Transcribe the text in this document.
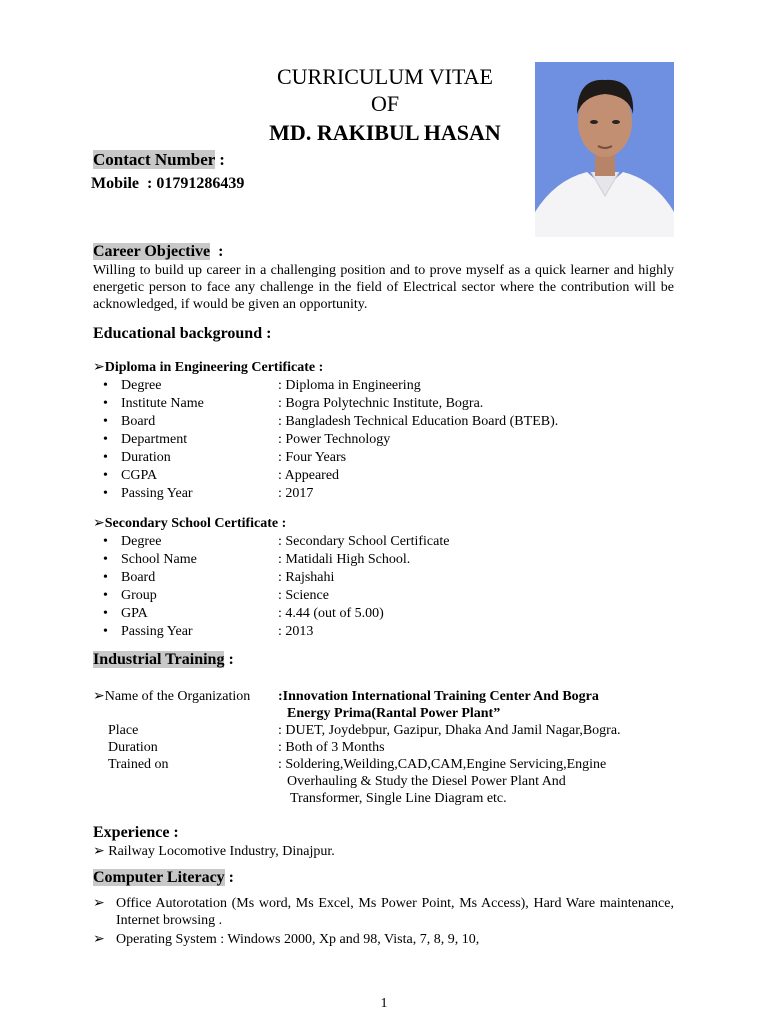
CURRICULUM VITAE
OF
MD. RAKIBUL HASAN
Contact Number :
Mobile  : 01791286439
Career Objective  :
Willing to build up career in a challenging position and to prove myself as a quick learner and highly energetic person to face any challenge in the field of Electrical sector where the contribution will be acknowledged, if would be given an opportunity.
Educational background :
➢Diploma in Engineering Certificate :
• Degree	: Diploma in Engineering
• Institute Name	: Bogra Polytechnic Institute, Bogra.
• Board	: Bangladesh Technical Education Board (BTEB).
• Department	: Power Technology
• Duration	: Four Years
• CGPA	: Appeared
• Passing Year	: 2017
➢Secondary School Certificate :
• Degree	: Secondary School Certificate
• School Name	: Matidali High School.
• Board	: Rajshahi
• Group	: Science
• GPA	: 4.44 (out of 5.00)
• Passing Year	: 2013
Industrial Training :
➢Name of the Organization :Innovation International Training Center And Bogra
Energy Prima(Rantal Power Plant”
Place	: DUET, Joydebpur, Gazipur, Dhaka And Jamil Nagar,Bogra.
Duration	: Both of 3 Months
Trained on	: Soldering,Weilding,CAD,CAM,Engine Servicing,Engine
Overhauling & Study the Diesel Power Plant And
Transformer, Single Line Diagram etc.
Experience :
➢ Railway Locomotive Industry, Dinajpur.
Computer Literacy :
➢ Office Autorotation (Ms word, Ms Excel, Ms Power Point, Ms Access), Hard Ware maintenance, Internet browsing .
➢ Operating System : Windows 2000, Xp and 98, Vista, 7, 8, 9, 10,
1
